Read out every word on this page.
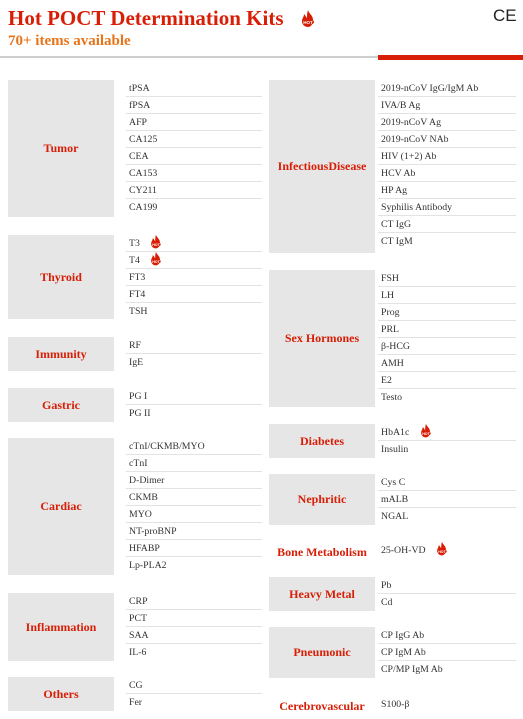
Hot POCT Determination Kits	HOT
70+ items available
CE
Tumor
tPSA
fPSA
AFP
CA125
CEA
CA153
CY211
CA199
Thyroid
T3	HOT
T4	HOT
FT3
FT4
TSH
Immunity
RF
IgE
Gastric
PG I
PG II
Cardiac
cTnI/CKMB/MYO
cTnI
D-Dimer
CKMB
MYO
NT-proBNP
HFABP
Lp-PLA2
Inflammation
CRP
PCT
SAA
IL-6
Others
CG
Fer
Infectious Disease
2019-nCoV IgG/IgM Ab
IVA/B Ag
2019-nCoV Ag
2019-nCoV NAb
HIV (1+2) Ab
HCV Ab
HP Ag
Syphilis Antibody
CT IgG
CT IgM
Sex Hormones
FSH
LH
Prog
PRL
β-HCG
AMH
E2
Testo
Diabetes
HbA1c	HOT
Insulin
Nephritic
Cys C
mALB
NGAL
Bone Metabolism	25-OH-VD	HOT
Heavy Metal
Pb
Cd
Pneumonic
CP IgG Ab
CP IgM Ab
CP/MP IgM Ab
Cerebrovascular	S100-β
